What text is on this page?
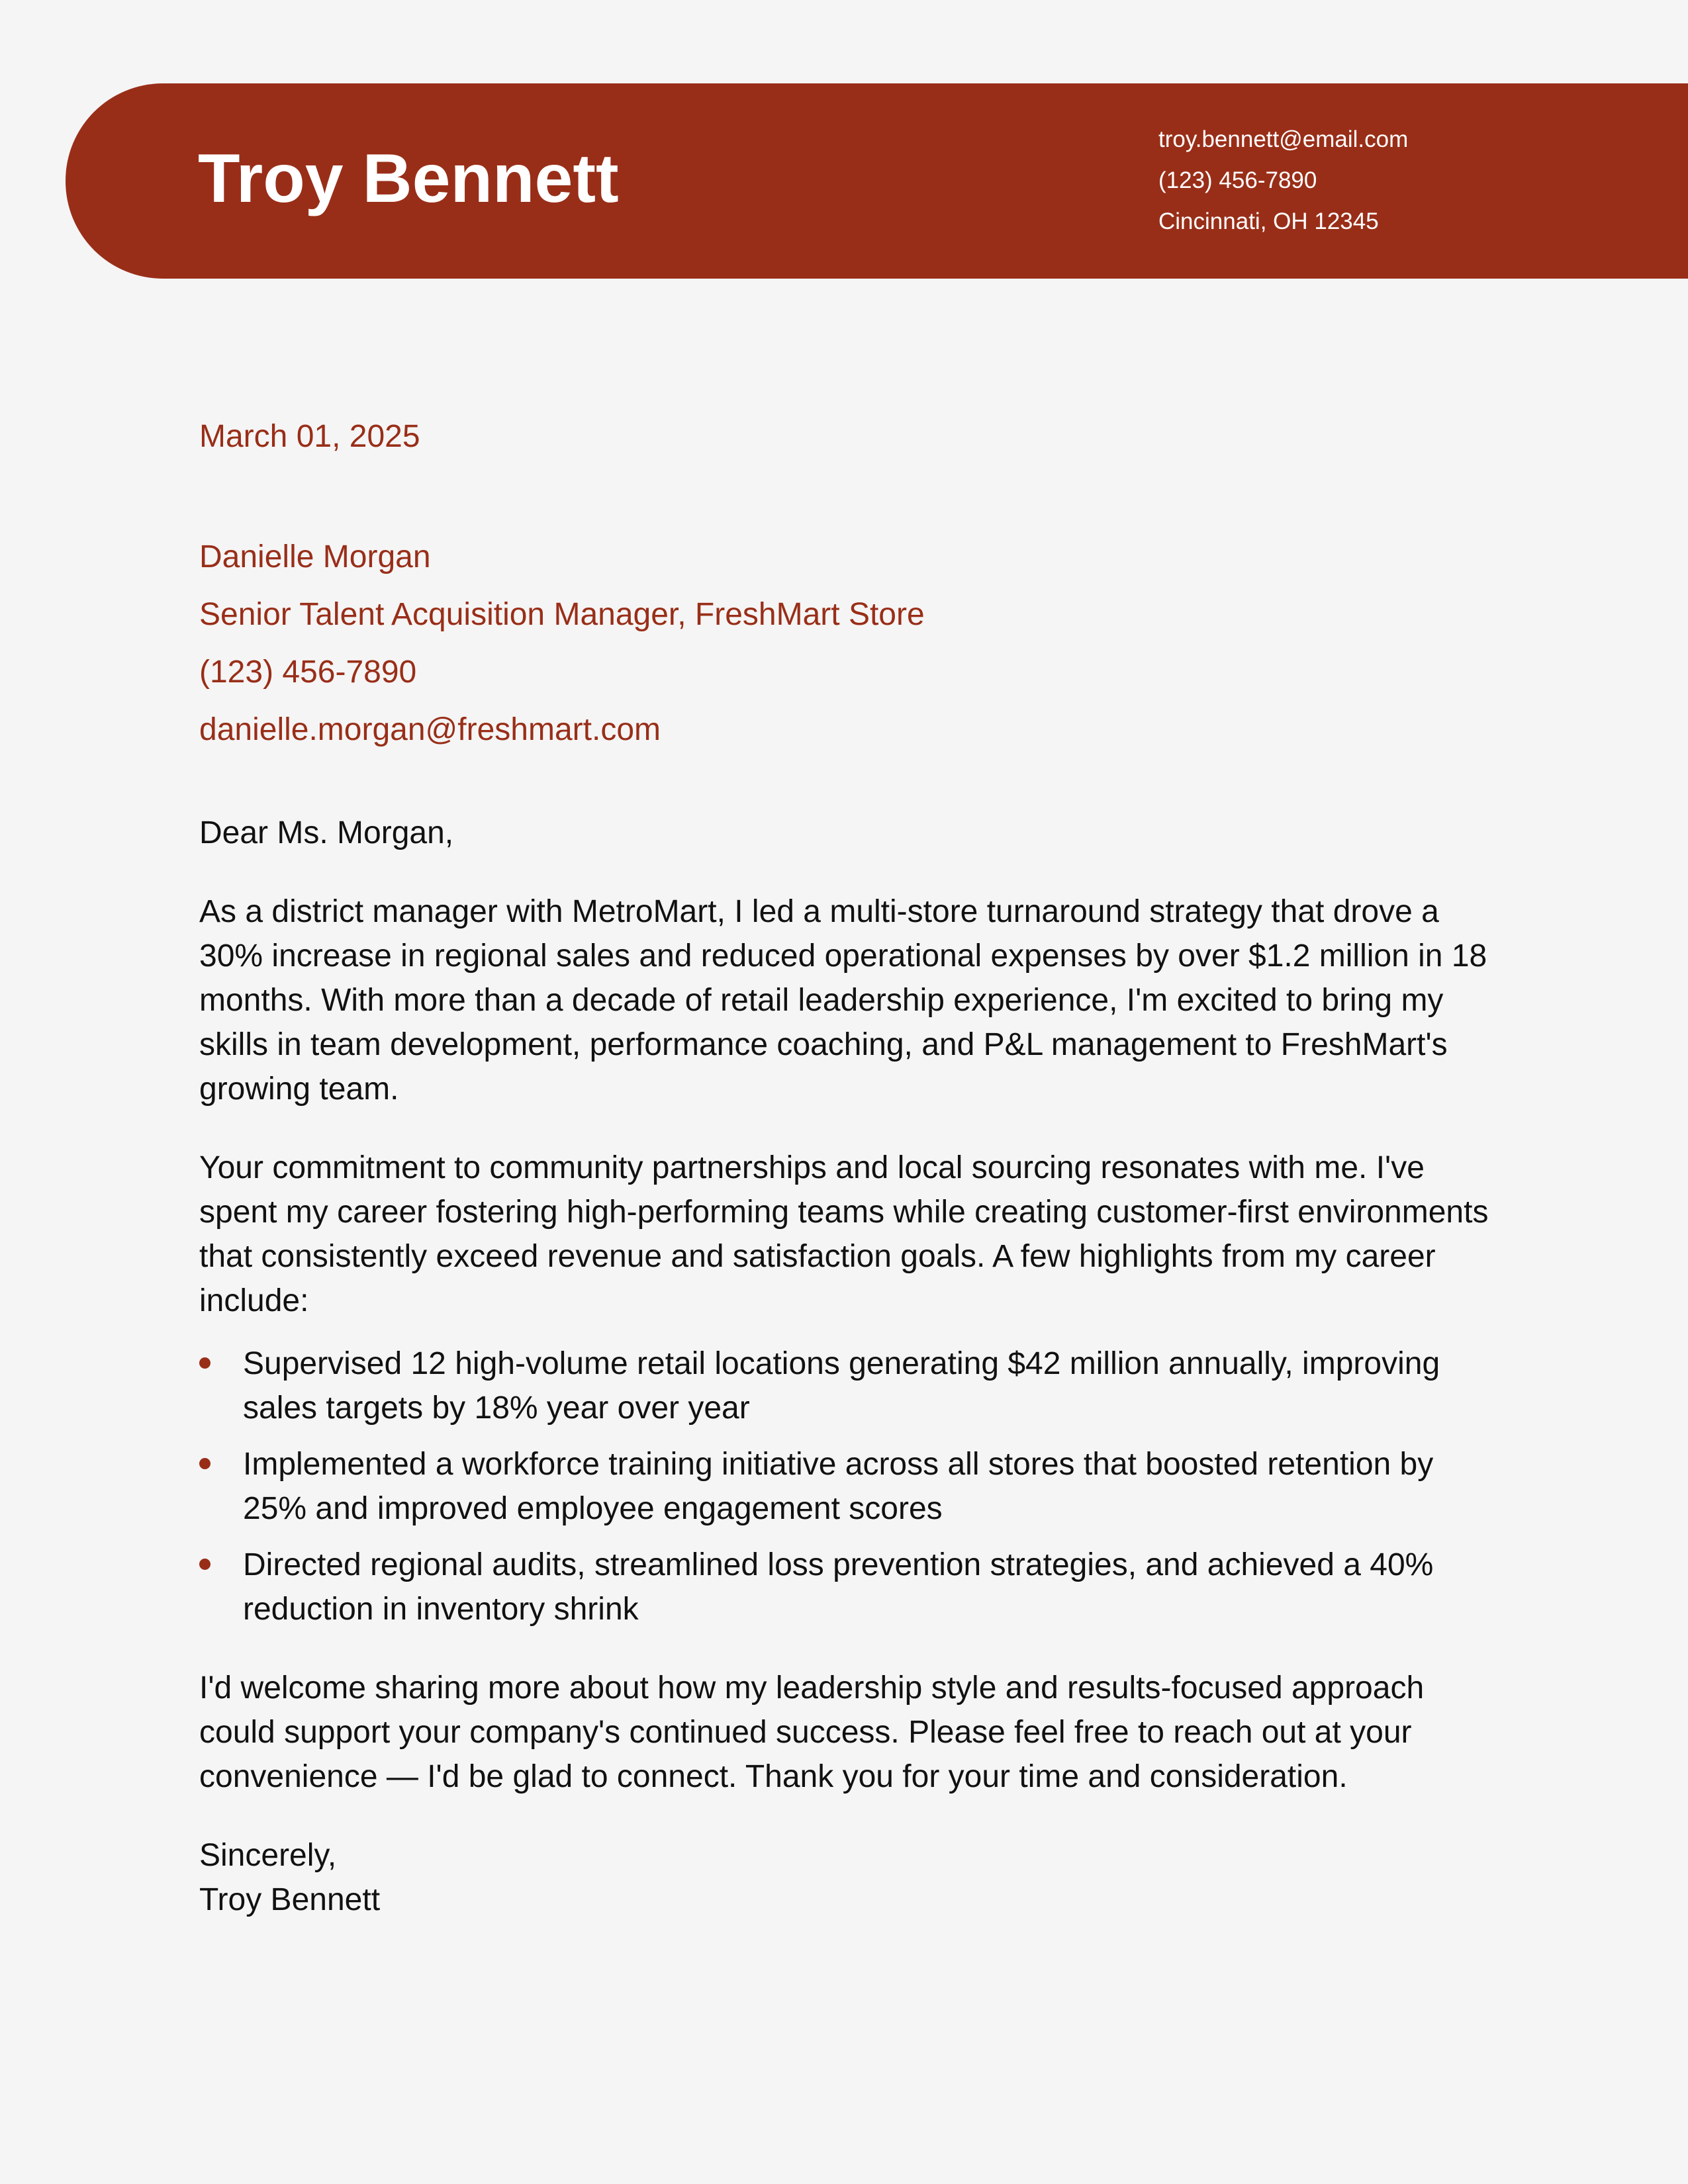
Troy Bennett
troy.bennett@email.com
(123) 456-7890
Cincinnati, OH 12345
March 01, 2025
Danielle Morgan
Senior Talent Acquisition Manager, FreshMart Store
(123) 456-7890
danielle.morgan@freshmart.com

Dear Ms. Morgan,

As a district manager with MetroMart, I led a multi-store turnaround strategy that drove a 30% increase in regional sales and reduced operational expenses by over $1.2 million in 18 months. With more than a decade of retail leadership experience, I'm excited to bring my skills in team development, performance coaching, and P&L management to FreshMart's growing team.

Your commitment to community partnerships and local sourcing resonates with me. I've spent my career fostering high-performing teams while creating customer-first environments that consistently exceed revenue and satisfaction goals. A few highlights from my career include:

Supervised 12 high-volume retail locations generating $42 million annually, improving sales targets by 18% year over year
Implemented a workforce training initiative across all stores that boosted retention by 25% and improved employee engagement scores
Directed regional audits, streamlined loss prevention strategies, and achieved a 40% reduction in inventory shrink

I'd welcome sharing more about how my leadership style and results-focused approach could support your company's continued success. Please feel free to reach out at your convenience — I'd be glad to connect. Thank you for your time and consideration.

Sincerely,
Troy Bennett
